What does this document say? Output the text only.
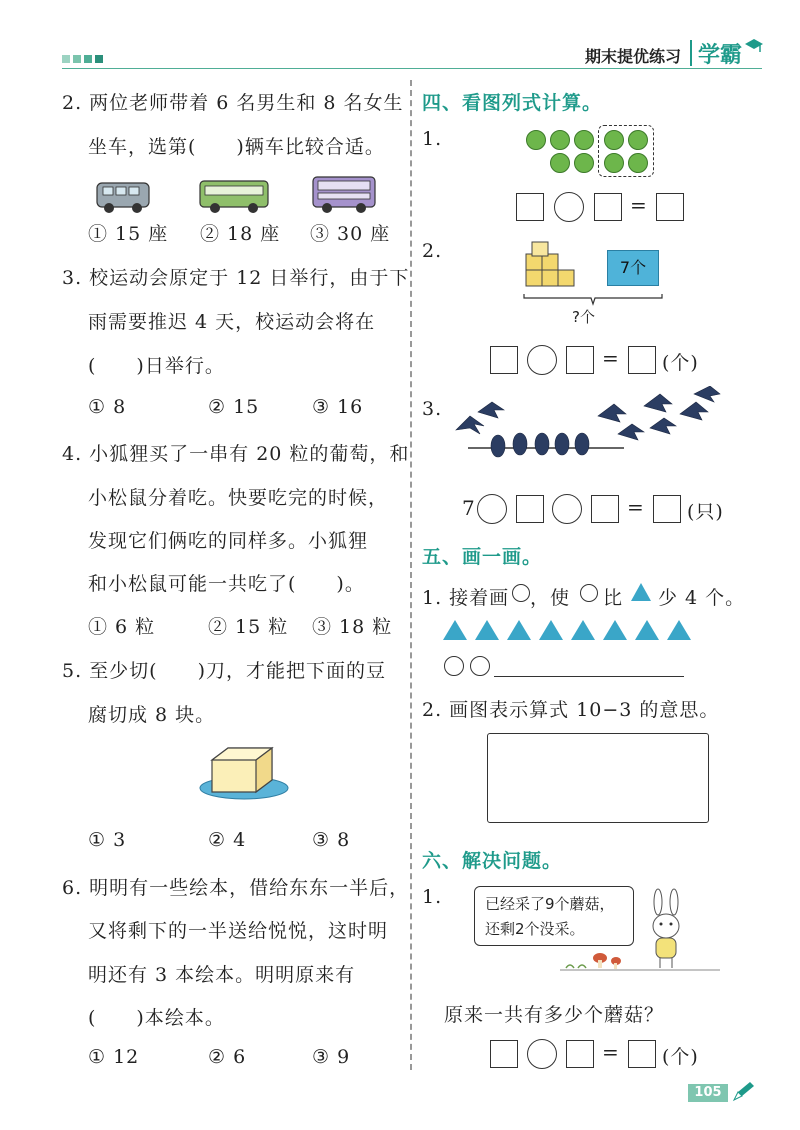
期末提优练习 学霸
2. 两位老师带着 6 名男生和 8 名女生
坐车，选第(　　)辆车比较合适。
① 15 座 ② 18 座 ③ 30 座
3. 校运动会原定于 12 日举行，由于下
雨需要推迟 4 天，校运动会将在
(　　)日举行。
① 8	② 15	③ 16
4. 小狐狸买了一串有 20 粒的葡萄，和
小松鼠分着吃。快要吃完的时候，
发现它们俩吃的同样多。小狐狸
和小松鼠可能一共吃了(　　)。
① 6 粒	② 15 粒 ③ 18 粒
5. 至少切(　　)刀，才能把下面的豆
腐切成 8 块。
① 3	② 4	③ 8
6. 明明有一些绘本，借给东东一半后，
又将剩下的一半送给悦悦，这时明
明还有 3 本绘本。明明原来有
(　　)本绘本。
① 12	② 6	③ 9
四、看图列式计算。
1.
=
2.
7个
?个
= (个)
3.
7	= (只)
五、画一画。
1. 接着画 ，使 比 少 4 个。
2. 画图表示算式 10−3 的意思。
六、解决问题。
1.	已经采了9个蘑菇，
还剩2个没采。
原来一共有多少个蘑菇？
= (个)
105
